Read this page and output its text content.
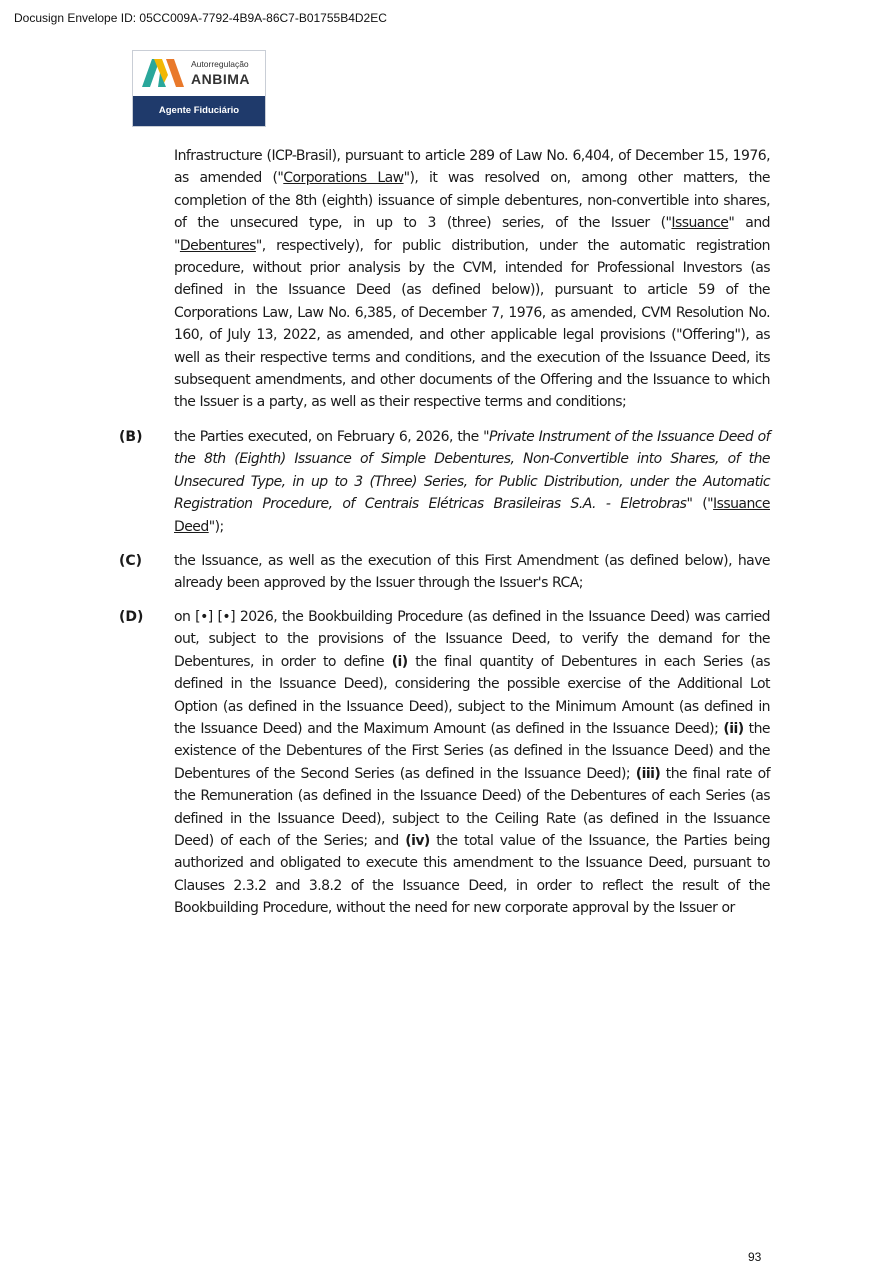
Docusign Envelope ID: 05CC009A-7792-4B9A-86C7-B01755B4D2EC
Autorregulação
ANBIMA
Agente Fiduciário

Infrastructure (ICP-Brasil), pursuant to article 289 of Law No. 6,404, of December 15, 1976, as amended ("Corporations Law"), it was resolved on, among other matters, the completion of the 8th (eighth) issuance of simple debentures, non-convertible into shares, of the unsecured type, in up to 3 (three) series, of the Issuer ("Issuance" and "Debentures", respectively), for public distribution, under the automatic registration procedure, without prior analysis by the CVM, intended for Professional Investors (as defined in the Issuance Deed (as defined below)), pursuant to article 59 of the Corporations Law, Law No. 6,385, of December 7, 1976, as amended, CVM Resolution No. 160, of July 13, 2022, as amended, and other applicable legal provisions ("Offering"), as well as their respective terms and conditions, and the execution of the Issuance Deed, its subsequent amendments, and other documents of the Offering and the Issuance to which the Issuer is a party, as well as their respective terms and conditions;

(B) the Parties executed, on February 6, 2026, the "Private Instrument of the Issuance Deed of the 8th (Eighth) Issuance of Simple Debentures, Non-Convertible into Shares, of the Unsecured Type, in up to 3 (Three) Series, for Public Distribution, under the Automatic Registration Procedure, of Centrais Elétricas Brasileiras S.A. - Eletrobras" ("Issuance Deed");

(C) the Issuance, as well as the execution of this First Amendment (as defined below), have already been approved by the Issuer through the Issuer's RCA;

(D) on [•] [•] 2026, the Bookbuilding Procedure (as defined in the Issuance Deed) was carried out, subject to the provisions of the Issuance Deed, to verify the demand for the Debentures, in order to define (i) the final quantity of Debentures in each Series (as defined in the Issuance Deed), considering the possible exercise of the Additional Lot Option (as defined in the Issuance Deed), subject to the Minimum Amount (as defined in the Issuance Deed) and the Maximum Amount (as defined in the Issuance Deed); (ii) the existence of the Debentures of the First Series (as defined in the Issuance Deed) and the Debentures of the Second Series (as defined in the Issuance Deed); (iii) the final rate of the Remuneration (as defined in the Issuance Deed) of the Debentures of each Series (as defined in the Issuance Deed), subject to the Ceiling Rate (as defined in the Issuance Deed) of each of the Series; and (iv) the total value of the Issuance, the Parties being authorized and obligated to execute this amendment to the Issuance Deed, pursuant to Clauses 2.3.2 and 3.8.2 of the Issuance Deed, in order to reflect the result of the Bookbuilding Procedure, without the need for new corporate approval by the Issuer or

93
